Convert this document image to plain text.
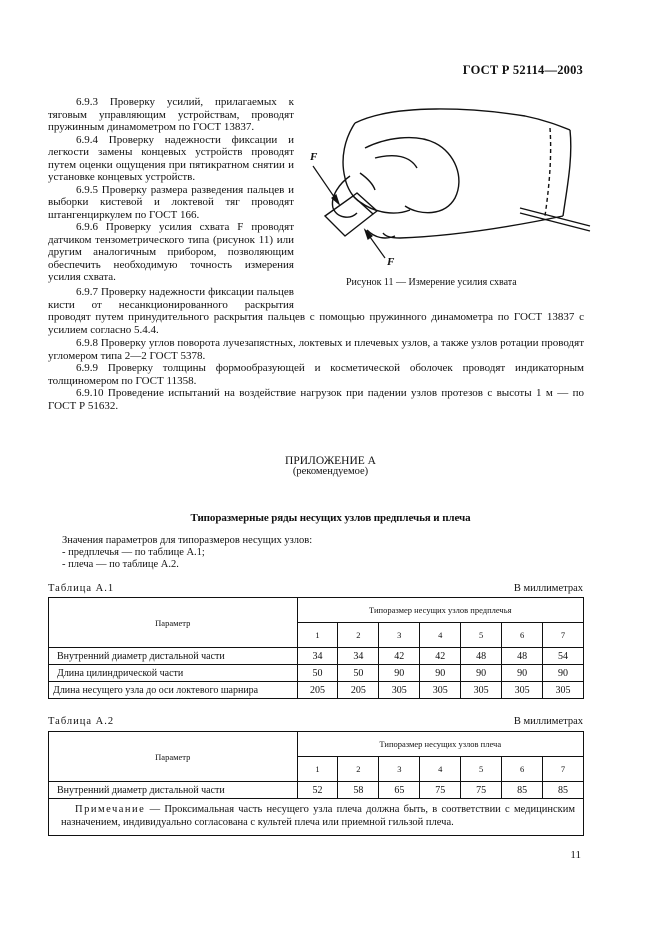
ГОСТ Р 52114—2003
6.9.3 Проверку усилий, прилагаемых к тяговым управляющим устройствам, проводят пружинным динамометром по ГОСТ 13837.
6.9.4 Проверку надежности фиксации и легкости замены концевых устройств проводят путем оценки ощущения при пятикратном снятии и установке концевых устройств.
6.9.5 Проверку размера разведения пальцев и выборки кистевой и локтевой тяг проводят штангенциркулем по ГОСТ 166.
6.9.6 Проверку усилия схвата F проводят датчиком тензометрического типа (рисунок 11) или другим аналогичным прибором, позволяющим обеспечить необходимую точность измерения усилия схвата.
6.9.7 Проверку надежности фиксации пальцев кисти от несанкционированного раскрытия проводят путем принудительного раскрытия пальцев с помощью пружинного динамометра по ГОСТ 13837 с усилием согласно 5.4.4.
F
F
Рисунок 11 — Измерение усилия схвата
6.9.8 Проверку углов поворота лучезапястных, локтевых и плечевых узлов, а также узлов ротации проводят угломером типа 2—2 ГОСТ 5378.
6.9.9 Проверку толщины формообразующей и косметической оболочек проводят индикаторным толщиномером по ГОСТ 11358.
6.9.10 Проведение испытаний на воздействие нагрузок при падении узлов протезов с высоты 1 м — по ГОСТ Р 51632.
ПРИЛОЖЕНИЕ А
(рекомендуемое)
Типоразмерные ряды несущих узлов предплечья и плеча
Значения параметров для типоразмеров несущих узлов:
- предплечья — по таблице А.1;
- плеча — по таблице А.2.
Таблица А.1	В миллиметрах
Параметр	Типоразмер несущих узлов предплечья						
	1	2	3	4	5	6	7
Внутренний диаметр дистальной части	34	34	42	42	48	48	54
Длина цилиндрической части	50	50	90	90	90	90	90
Длина несущего узла до оси локтевого шарнира	205	205	305	305	305	305	305
Таблица А.2	В миллиметрах
Параметр	Типоразмер несущих узлов плеча						
	1	2	3	4	5	6	7
Внутренний диаметр дистальной части	52	58	65	75	75	85	85
Примечание — Проксимальная часть несущего узла плеча должна быть, в соответствии с медицинским назначением, индивидуально согласована с культей плеча или приемной гильзой плеча.							
11
